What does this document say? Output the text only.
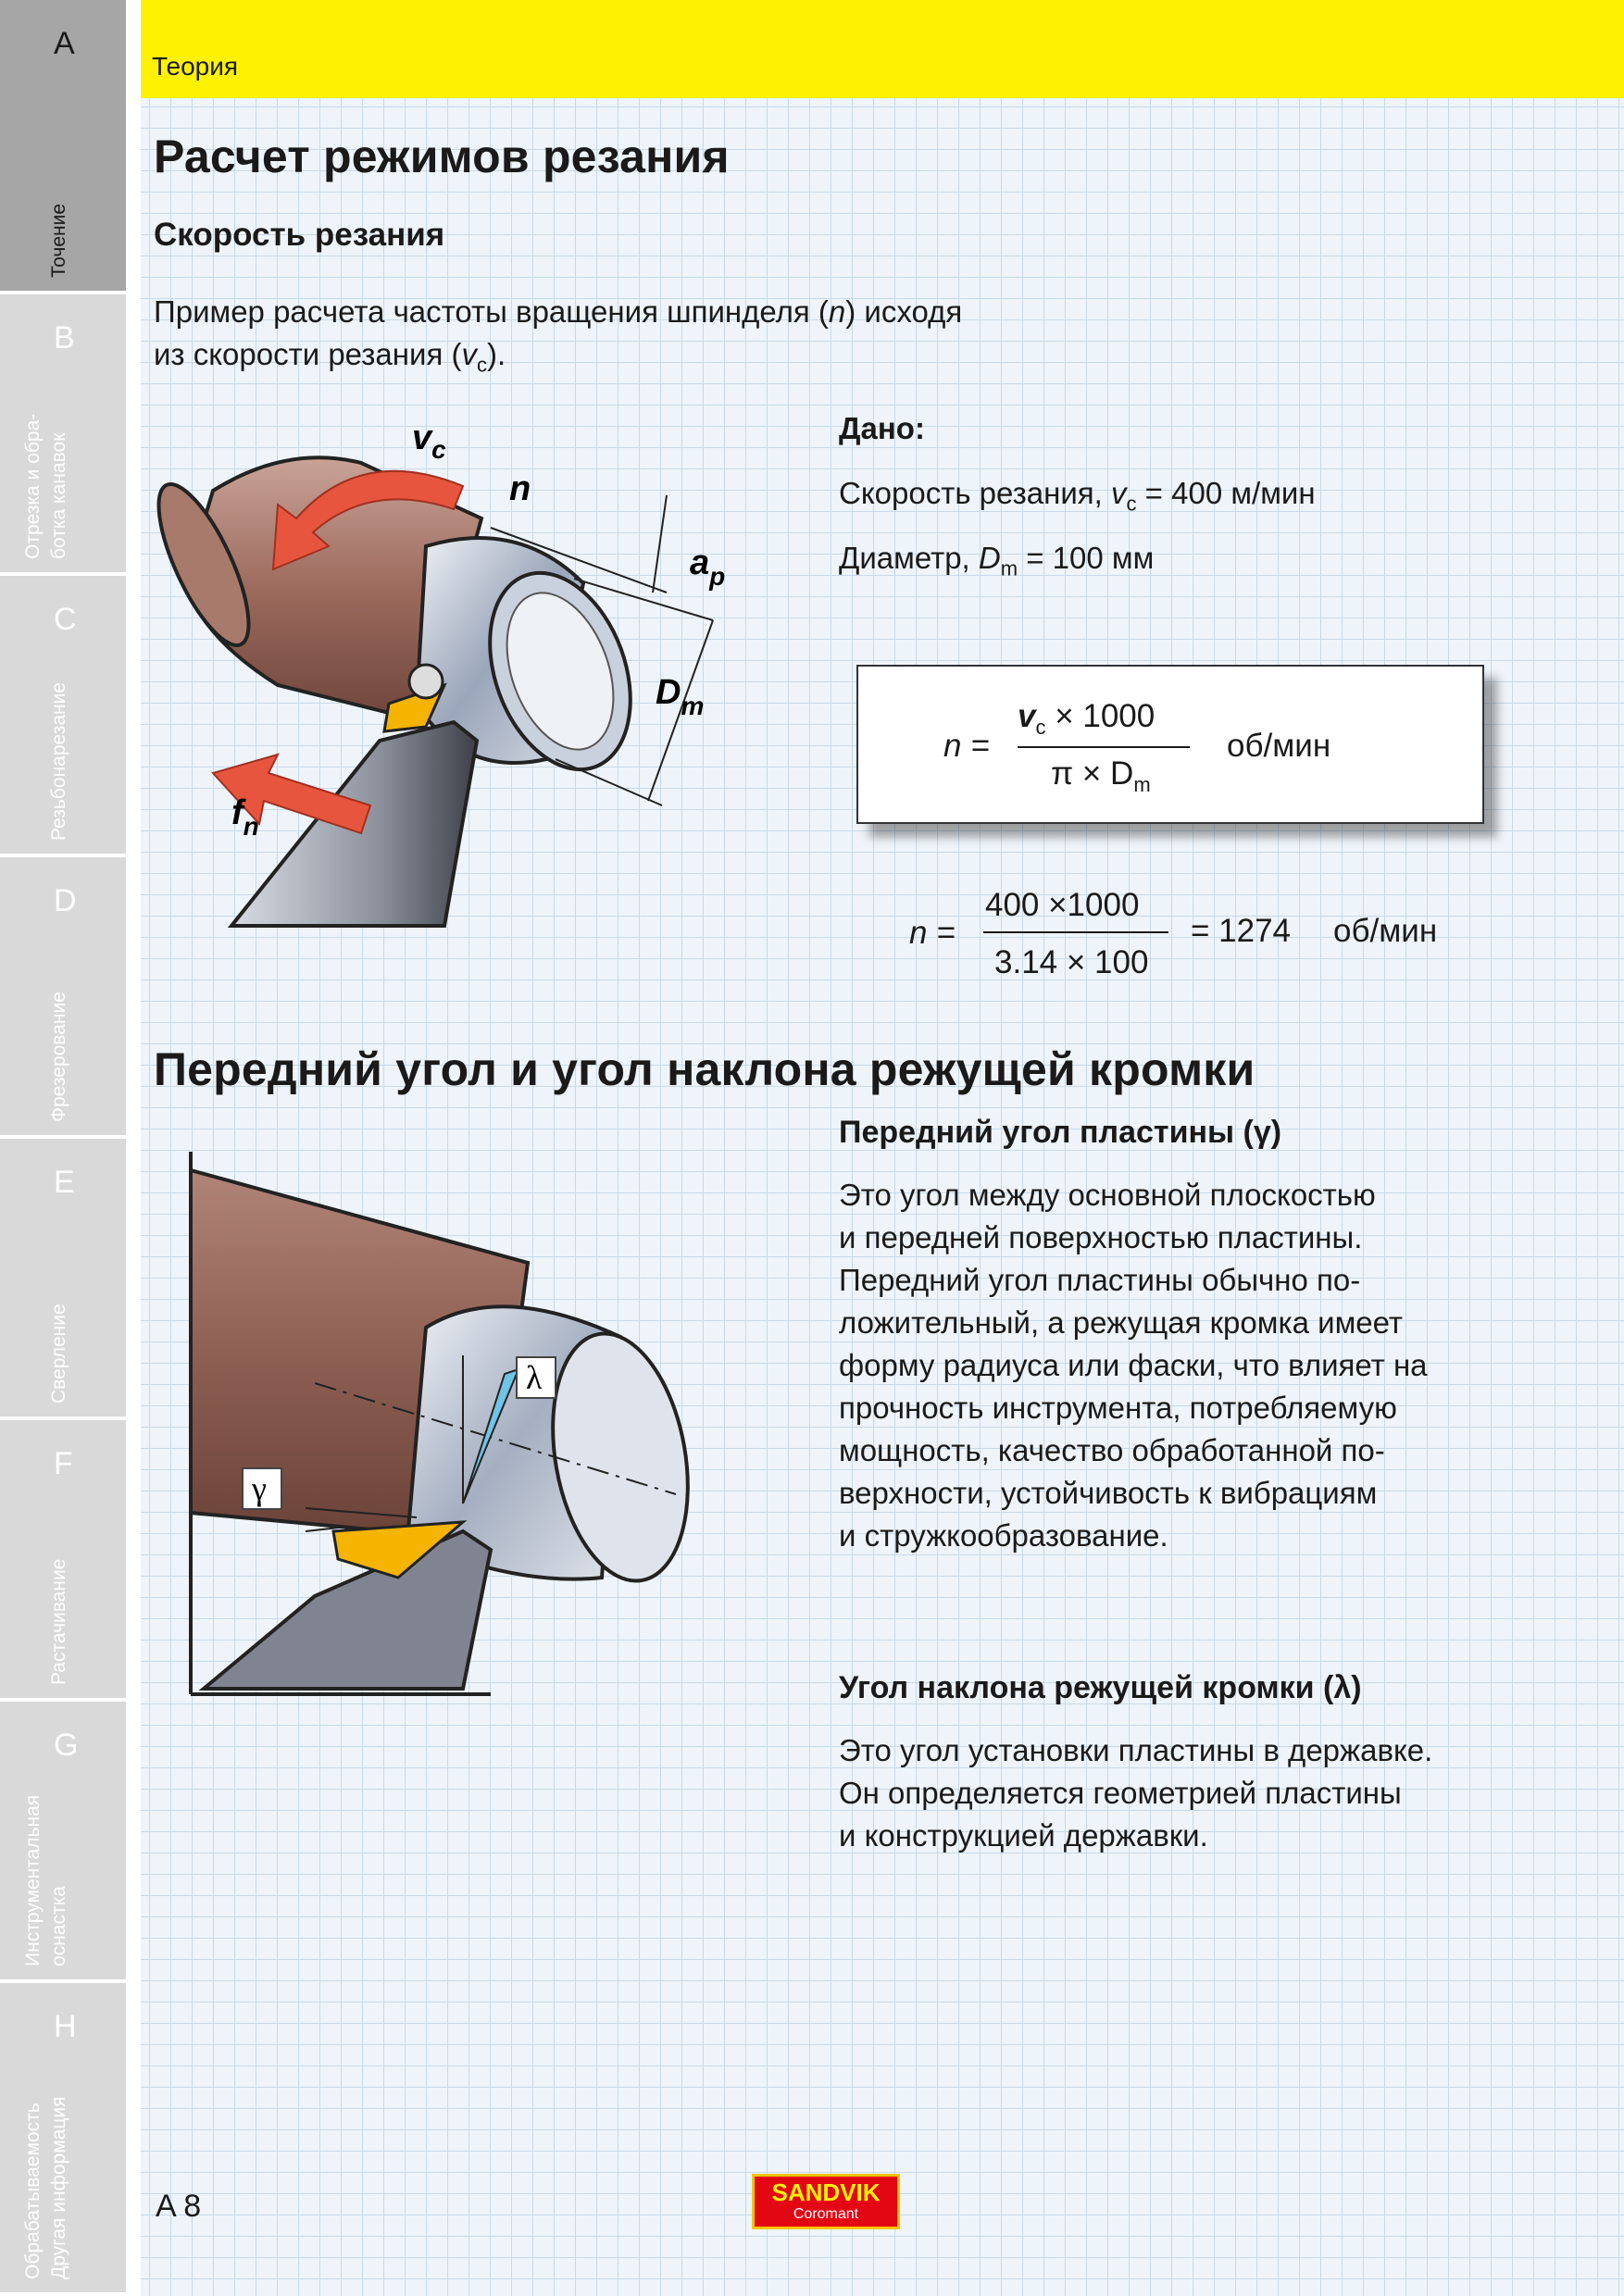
A
Точение
B
Отрезка и обра-
ботка канавок
C
Резьбонарезание
D
Фрезерование
E
Сверление
F
Растачивание
G
Инструментальная
оснастка
H
Обрабатываемость
Другая информация
Теория
Расчет режимов резания
Скорость резания

Пример расчета частоты вращения шпинделя (n) исходя
из скорости резания $(v_c)$.

$v_c$
n
$a_p$
$D_m$
$f_n$
Дано:

Скорость резания, $v_c = 400$ м/мин

Диаметр, $D_m = 100$ мм

n =
$v_c \times 1000$
$\pi \times D_m$
об/мин
n =
400 ×1000
3.14 × 100
= 1274 об/мин
Передний угол и угол наклона режущей кромки
λ
γ
Передний угол пластины (γ)
Это угол между основной плоскостью
и передней поверхностью пластины.
Передний угол пластины обычно по-
ложительный, а режущая кромка имеет
форму радиуса или фаски, что влияет на
прочность инструмента, потребляемую
мощность, качество обработанной по-
верхности, устойчивость к вибрациям
и стружкообразование.
Угол наклона режущей кромки (λ)
Это угол установки пластины в державке.
Он определяется геометрией пластины
и конструкцией державки.
A 8	SANDVIK
Coromant
